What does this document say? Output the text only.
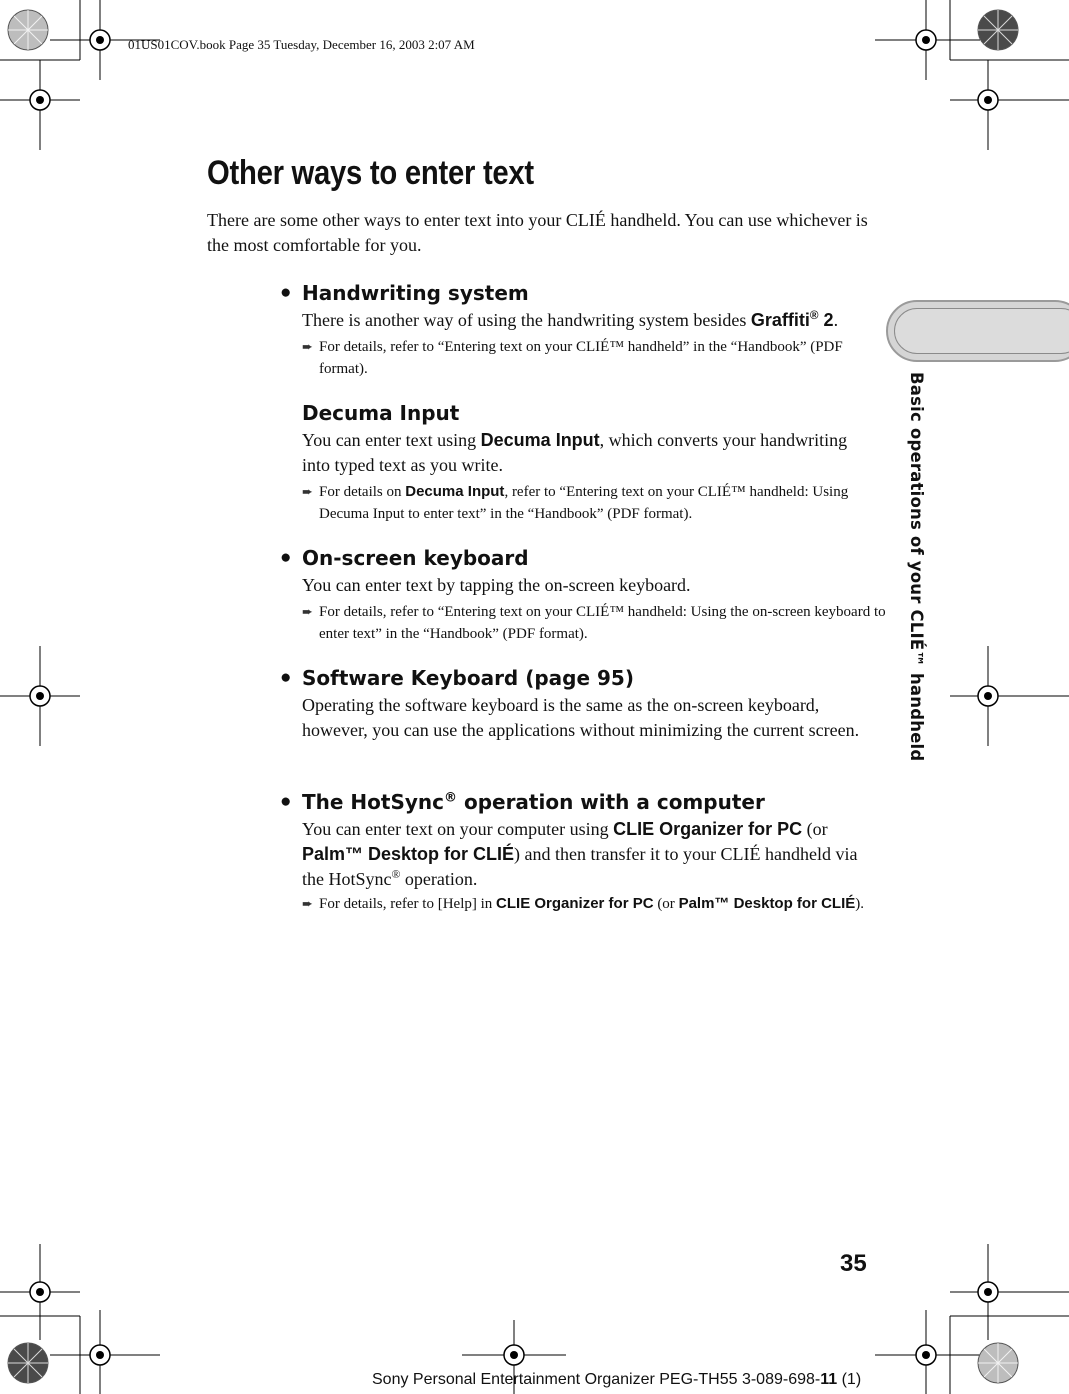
01US01COV.book Page 35 Tuesday, December 16, 2003 2:07 AM
Other ways to enter text

There are some other ways to enter text into your CLIÉ handheld. You can use whichever is the most comfortable for you.

● Handwriting system

There is another way of using the handwriting system besides Graffiti® 2.

➨ For details, refer to “Entering text on your CLIÉ™ handheld” in the “Handbook” (PDF format).

Decuma Input

You can enter text using Decuma Input, which converts your handwriting into typed text as you write.

➨ For details on Decuma Input, refer to “Entering text on your CLIÉ™ handheld: Using Decuma Input to enter text” in the “Handbook” (PDF format).

● On-screen keyboard

You can enter text by tapping the on-screen keyboard.

➨ For details, refer to “Entering text on your CLIÉ™ handheld: Using the on-screen keyboard to enter text” in the “Handbook” (PDF format).

● Software Keyboard (page 95)

Operating the software keyboard is the same as the on-screen keyboard, however, you can use the applications without minimizing the current screen.

● The HotSync® operation with a computer

You can enter text on your computer using CLIE Organizer for PC (or Palm™ Desktop for CLIÉ) and then transfer it to your CLIÉ handheld via the HotSync® operation.

➨ For details, refer to [Help] in CLIE Organizer for PC (or Palm™ Desktop for CLIÉ).

Basic operations of your CLIÉ™ handheld
35
Sony Personal Entertainment Organizer PEG-TH55 3-089-698-11 (1)
